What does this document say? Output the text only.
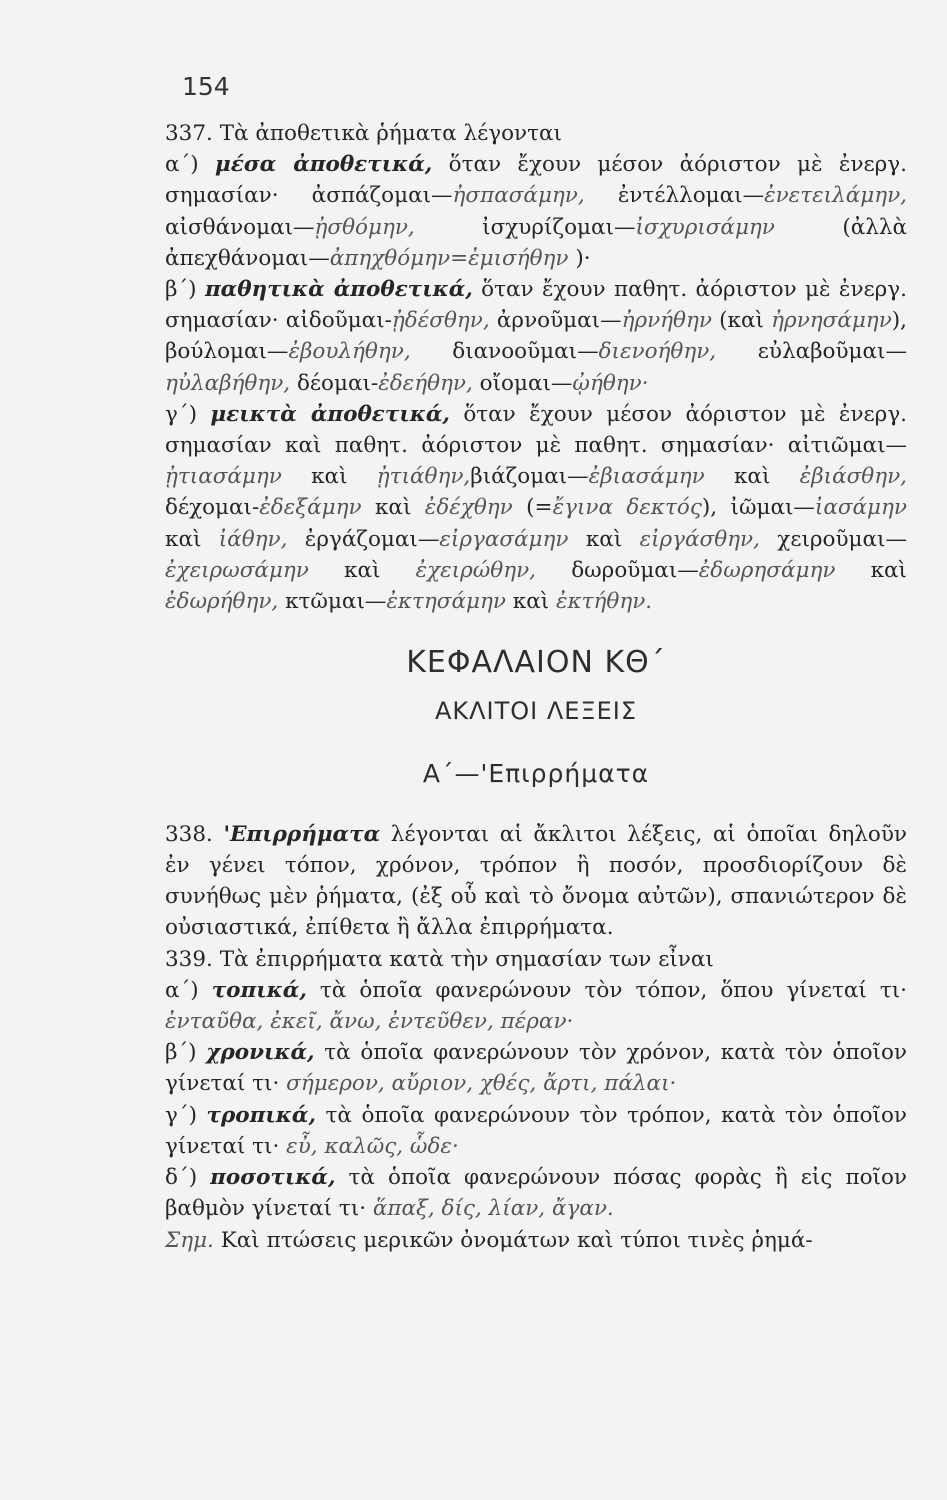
154

337. Τὰ ἀποθετικὰ ῥήματα λέγονται

α΄) μέσα ἀποθετικά, ὅταν ἔχουν μέσον ἀόριστον μὲ ἐνεργ. σημασίαν· ἀσπάζομαι—ἠσπασάμην, ἐντέλλομαι—ἐνετειλάμην, αἰσθάνομαι—ᾐσθόμην, ἰσχυρίζομαι—ἰσχυρισάμην (ἀλλὰ ἀπεχθάνομαι—ἀπηχθόμην=ἐμισήθην )·

β΄) παθητικὰ ἀποθετικά, ὅταν ἔχουν παθητ. ἀόριστον μὲ ἐνεργ. σημασίαν· αἰδοῦμαι-ᾐδέσθην, ἀρνοῦμαι—ἠρνήθην (καὶ ἠρνησάμην), βούλομαι—ἐβουλήθην, διανοοῦμαι—διενοήθην, εὐλαβοῦμαι—ηὐλαβήθην, δέομαι-ἐδεήθην, οἴομαι—ᾠήθην·

γ΄) μεικτὰ ἀποθετικά, ὅταν ἔχουν μέσον ἀόριστον μὲ ἐνεργ. σημασίαν καὶ παθητ. ἀόριστον μὲ παθητ. σημασίαν· αἰτιῶμαι—ᾐτιασάμην καὶ ᾐτιάθην,βιάζομαι—ἐβιασάμην καὶ ἐβιάσθην, δέχομαι-ἐδεξάμην καὶ ἐδέχθην (=ἔγινα δεκτός), ἰῶμαι—ἰασάμην καὶ ἰάθην, ἐργάζομαι—εἰργασάμην καὶ εἰργάσθην, χειροῦμαι—ἐχειρωσάμην καὶ ἐχειρώθην, δωροῦμαι—ἐδωρησάμην καὶ ἐδωρήθην, κτῶμαι—ἐκτησάμην καὶ ἐκτήθην.

ΚΕΦΑΛΑΙΟΝ ΚΘ΄
ΑΚΛΙΤΟΙ ΛΕΞΕΙΣ
Α΄—'Επιρρήματα

338. 'Επιρρήματα λέγονται αἱ ἄκλιτοι λέξεις, αἱ ὁποῖαι δηλοῦν ἐν γένει τόπον, χρόνον, τρόπον ἢ ποσόν, προσδιορίζουν δὲ συνήθως μὲν ῥήματα, (ἐξ οὗ καὶ τὸ ὄνομα αὐτῶν), σπανιώτερον δὲ οὐσιαστικά, ἐπίθετα ἢ ἄλλα ἐπιρρήματα.

339. Τὰ ἐπιρρήματα κατὰ τὴν σημασίαν των εἶναι

α΄) τοπικά, τὰ ὁποῖα φανερώνουν τὸν τόπον, ὅπου γίνεταί τι· ἐνταῦθα, ἐκεῖ, ἄνω, ἐντεῦθεν, πέραν·

β΄) χρονικά, τὰ ὁποῖα φανερώνουν τὸν χρόνον, κατὰ τὸν ὁποῖον γίνεταί τι· σήμερον, αὔριον, χθές, ἄρτι, πάλαι·

γ΄) τροπικά, τὰ ὁποῖα φανερώνουν τὸν τρόπον, κατὰ τὸν ὁποῖον γίνεταί τι· εὖ, καλῶς, ὧδε·

δ΄) ποσοτικά, τὰ ὁποῖα φανερώνουν πόσας φορὰς ἢ εἰς ποῖον βαθμὸν γίνεταί τι· ἅπαξ, δίς, λίαν, ἄγαν.

Σημ. Καὶ πτώσεις μερικῶν ὀνομάτων καὶ τύποι τινὲς ῥημά-
